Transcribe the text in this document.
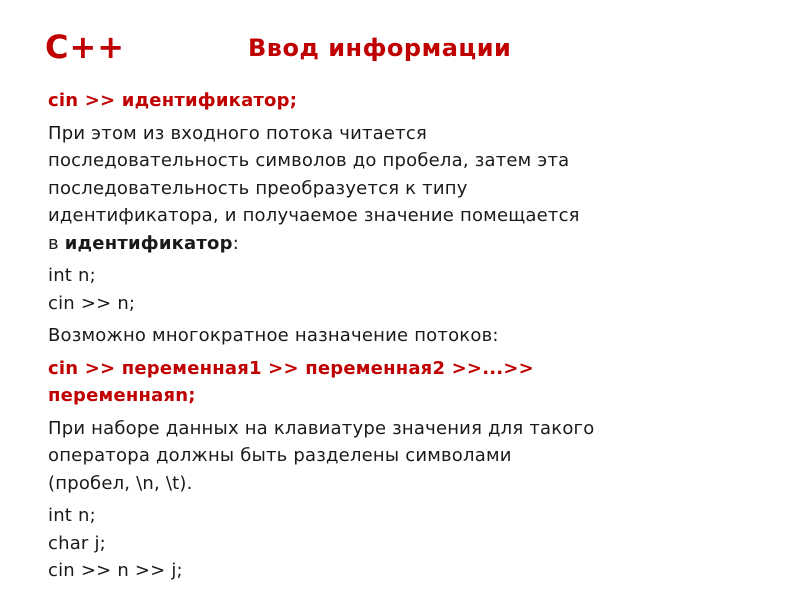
C++	Ввод информации
cin >> идентификатор;
При этом из входного потока читается
последовательность символов до пробела, затем эта
последовательность преобразуется к типу
идентификатора, и получаемое значение помещается
в идентификатор:
int n;
cin >> n;
Возможно многократное назначение потоков:
cin >> переменная1 >> переменная2 >>...>>
переменнаяn;
При наборе данных на клавиатуре значения для такого
оператора должны быть разделены символами
(пробел, \n, \t).
int n;
char j;
cin >> n >> j;
